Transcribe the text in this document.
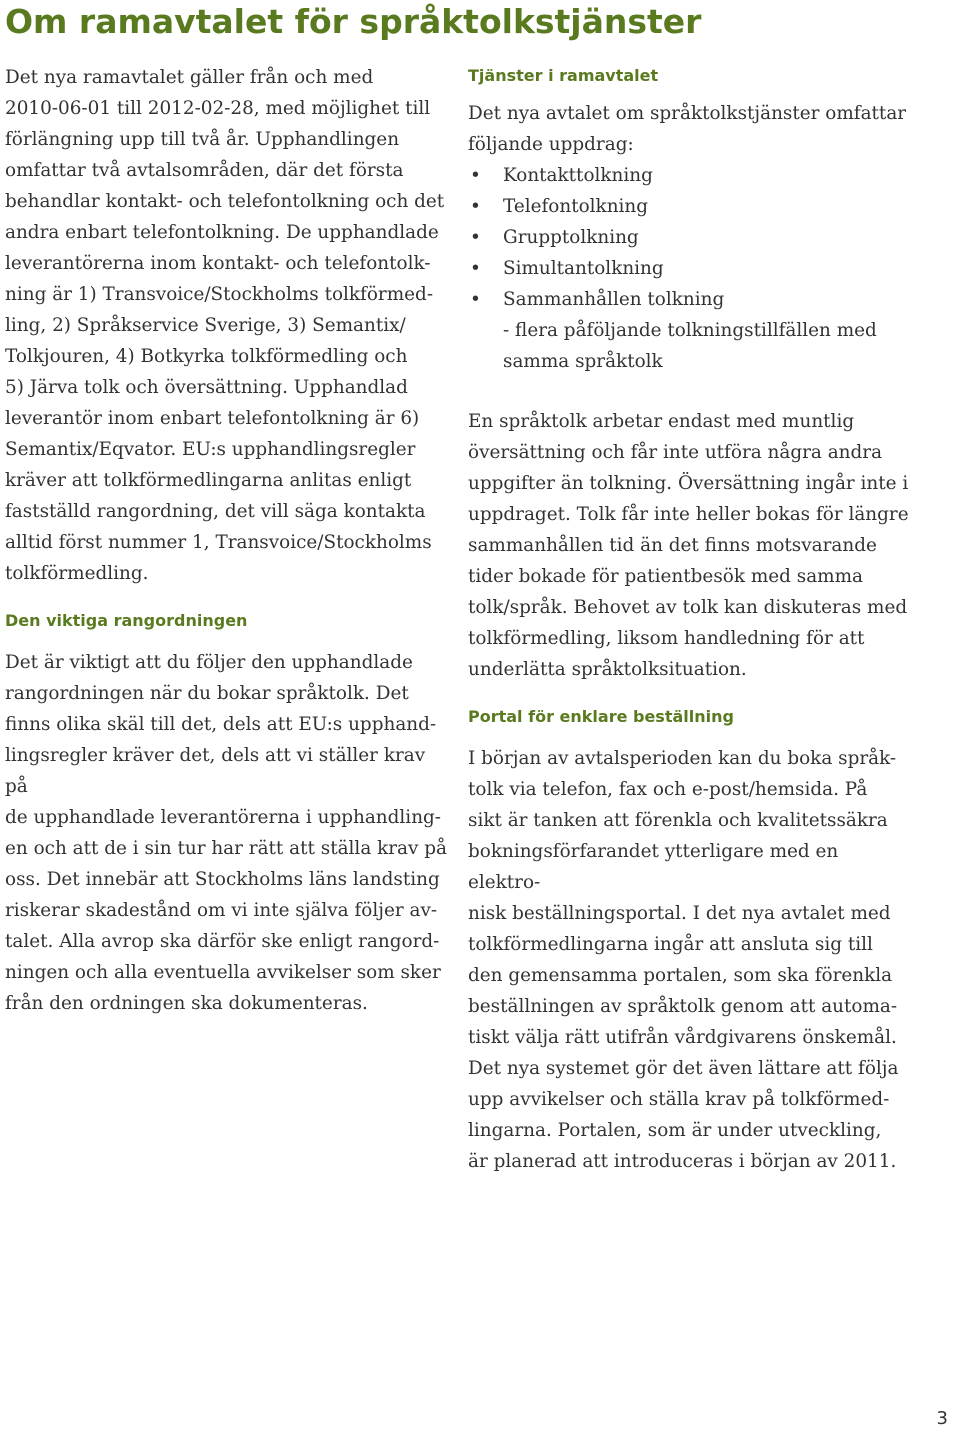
Om ramavtalet för språktolkstjänster

Det nya ramavtalet gäller från och med
2010-06-01 till 2012-02-28, med möjlighet till
förlängning upp till två år. Upphandlingen
omfattar två avtalsområden, där det första
behandlar kontakt- och telefontolkning och det
andra enbart telefontolkning. De upphandlade
leverantörerna inom kontakt- och telefontolk-
ning är 1) Transvoice/Stockholms tolkförmed-
ling, 2) Språkservice Sverige, 3) Semantix/
Tolkjouren, 4) Botkyrka tolkförmedling och
5) Järva tolk och översättning. Upphandlad
leverantör inom enbart telefontolkning är 6)
Semantix/Eqvator. EU:s upphandlingsregler
kräver att tolkförmedlingarna anlitas enligt
fastställd rangordning, det vill säga kontakta
alltid först nummer 1, Transvoice/Stockholms
tolkförmedling.

Den viktiga rangordningen

Det är viktigt att du följer den upphandlade
rangordningen när du bokar språktolk. Det
finns olika skäl till det, dels att EU:s upphand-
lingsregler kräver det, dels att vi ställer krav på
de upphandlade leverantörerna i upphandling-
en och att de i sin tur har rätt att ställa krav på
oss. Det innebär att Stockholms läns landsting
riskerar skadestånd om vi inte själva följer av-
talet. Alla avrop ska därför ske enligt rangord-
ningen och alla eventuella avvikelser som sker
från den ordningen ska dokumenteras.

Tjänster i ramavtalet

Det nya avtalet om språktolkstjänster omfattar
följande uppdrag:

• Kontakttolkning
• Telefontolkning
• Grupptolkning
• Simultantolkning
• Sammanhållen tolkning
- flera påföljande tolkningstillfällen med
samma språktolk

En språktolk arbetar endast med muntlig
översättning och får inte utföra några andra
uppgifter än tolkning. Översättning ingår inte i
uppdraget. Tolk får inte heller bokas för längre
sammanhållen tid än det finns motsvarande
tider bokade för patientbesök med samma
tolk/språk. Behovet av tolk kan diskuteras med
tolkförmedling, liksom handledning för att
underlätta språktolksituation.

Portal för enklare beställning

I början av avtalsperioden kan du boka språk-
tolk via telefon, fax och e-post/hemsida. På
sikt är tanken att förenkla och kvalitetssäkra
bokningsförfarandet ytterligare med en elektro-
nisk beställningsportal. I det nya avtalet med
tolkförmedlingarna ingår att ansluta sig till
den gemensamma portalen, som ska förenkla
beställningen av språktolk genom att automa-
tiskt välja rätt utifrån vårdgivarens önskemål.
Det nya systemet gör det även lättare att följa
upp avvikelser och ställa krav på tolkförmed-
lingarna. Portalen, som är under utveckling,
är planerad att introduceras i början av 2011.

3
